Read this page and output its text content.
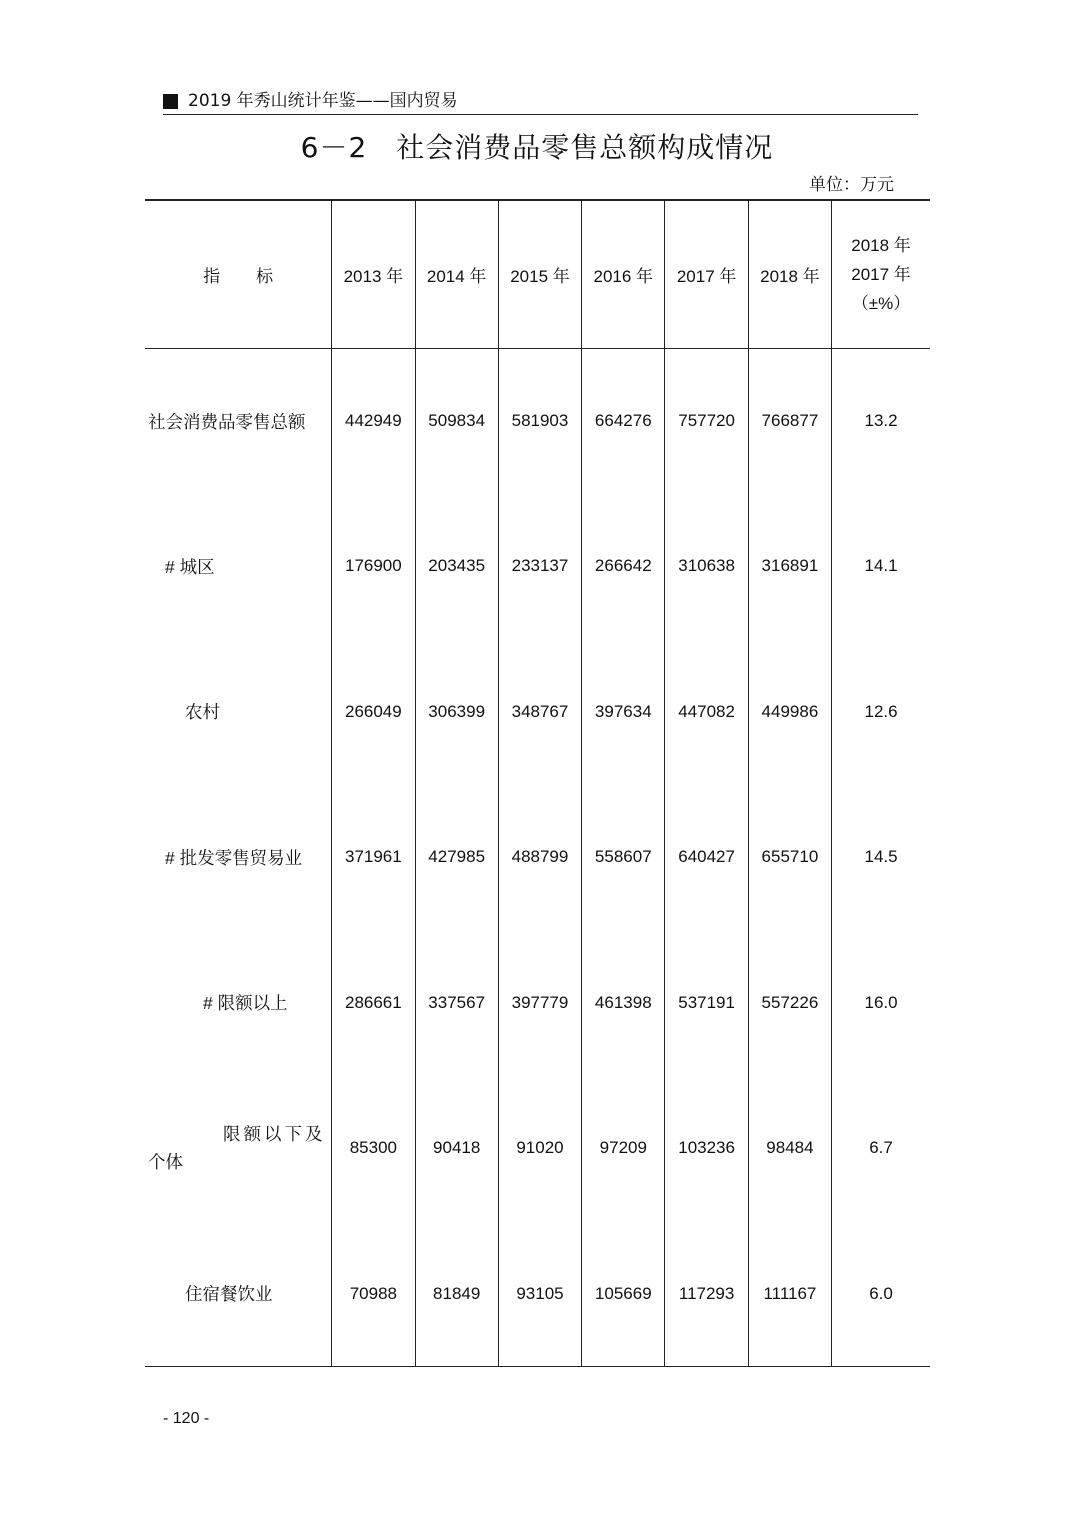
2019 年秀山统计年鉴——国内贸易
6－2　社会消费品零售总额构成情况
单位：万元
指 标	2013 年	2014 年	2015 年	2016 年	2017 年	2018 年	2018 年
2017 年
（±%）

社会消费品零售总额	442949	509834	581903	664276	757720	766877	13.2
# 城区	176900	203435	233137	266642	310638	316891	14.1
农村	266049	306399	348767	397634	447082	449986	12.6
# 批发零售贸易业	371961	427985	488799	558607	640427	655710	14.5
# 限额以上	286661	337567	397779	461398	537191	557226	16.0

限额以下及
个体	85300	90418	91020	97209	103236	98484	6.7
住宿餐饮业	70988	81849	93105	105669	117293	111167	6.0
- 120 -
